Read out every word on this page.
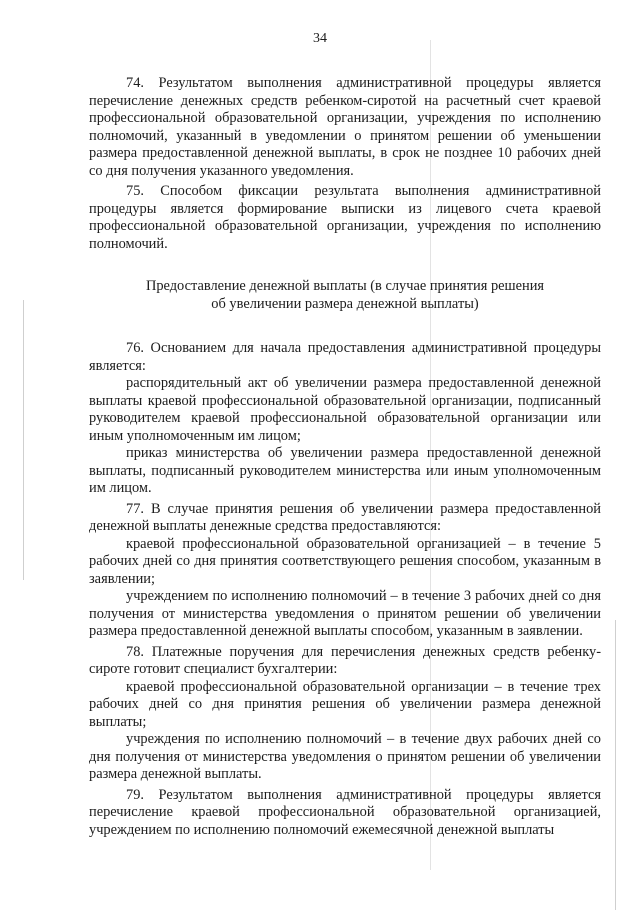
34

74. Результатом выполнения административной процедуры является перечисление денежных средств ребенком-сиротой на расчетный счет краевой профессиональной образовательной организации, учреждения по исполнению полномочий, указанный в уведомлении о принятом решении об уменьшении размера предоставленной денежной выплаты, в срок не позднее 10 рабочих дней со дня получения указанного уведомления.

75. Способом фиксации результата выполнения административной процедуры является формирование выписки из лицевого счета краевой профессиональной образовательной организации, учреждения по исполнению полномочий.

Предоставление денежной выплаты (в случае принятия решения
об увеличении размера денежной выплаты)

76. Основанием для начала предоставления административной процедуры является:

распорядительный акт об увеличении размера предоставленной денежной выплаты краевой профессиональной образовательной организации, подписанный руководителем краевой профессиональной образовательной организации или иным уполномоченным им лицом;

приказ министерства об увеличении размера предоставленной денежной выплаты, подписанный руководителем министерства или иным уполномоченным им лицом.

77. В случае принятия решения об увеличении размера предоставленной денежной выплаты денежные средства предоставляются:

краевой профессиональной образовательной организацией – в течение 5 рабочих дней со дня принятия соответствующего решения способом, указанным в заявлении;

учреждением по исполнению полномочий – в течение 3 рабочих дней со дня получения от министерства уведомления о принятом решении об увеличении размера предоставленной денежной выплаты способом, указанным в заявлении.

78. Платежные поручения для перечисления денежных средств ребенку-сироте готовит специалист бухгалтерии:

краевой профессиональной образовательной организации – в течение трех рабочих дней со дня принятия решения об увеличении размера денежной выплаты;

учреждения по исполнению полномочий – в течение двух рабочих дней со дня получения от министерства уведомления о принятом решении об увеличении размера денежной выплаты.

79. Результатом выполнения административной процедуры является перечисление краевой профессиональной образовательной организацией, учреждением по исполнению полномочий ежемесячной денежной выплаты
